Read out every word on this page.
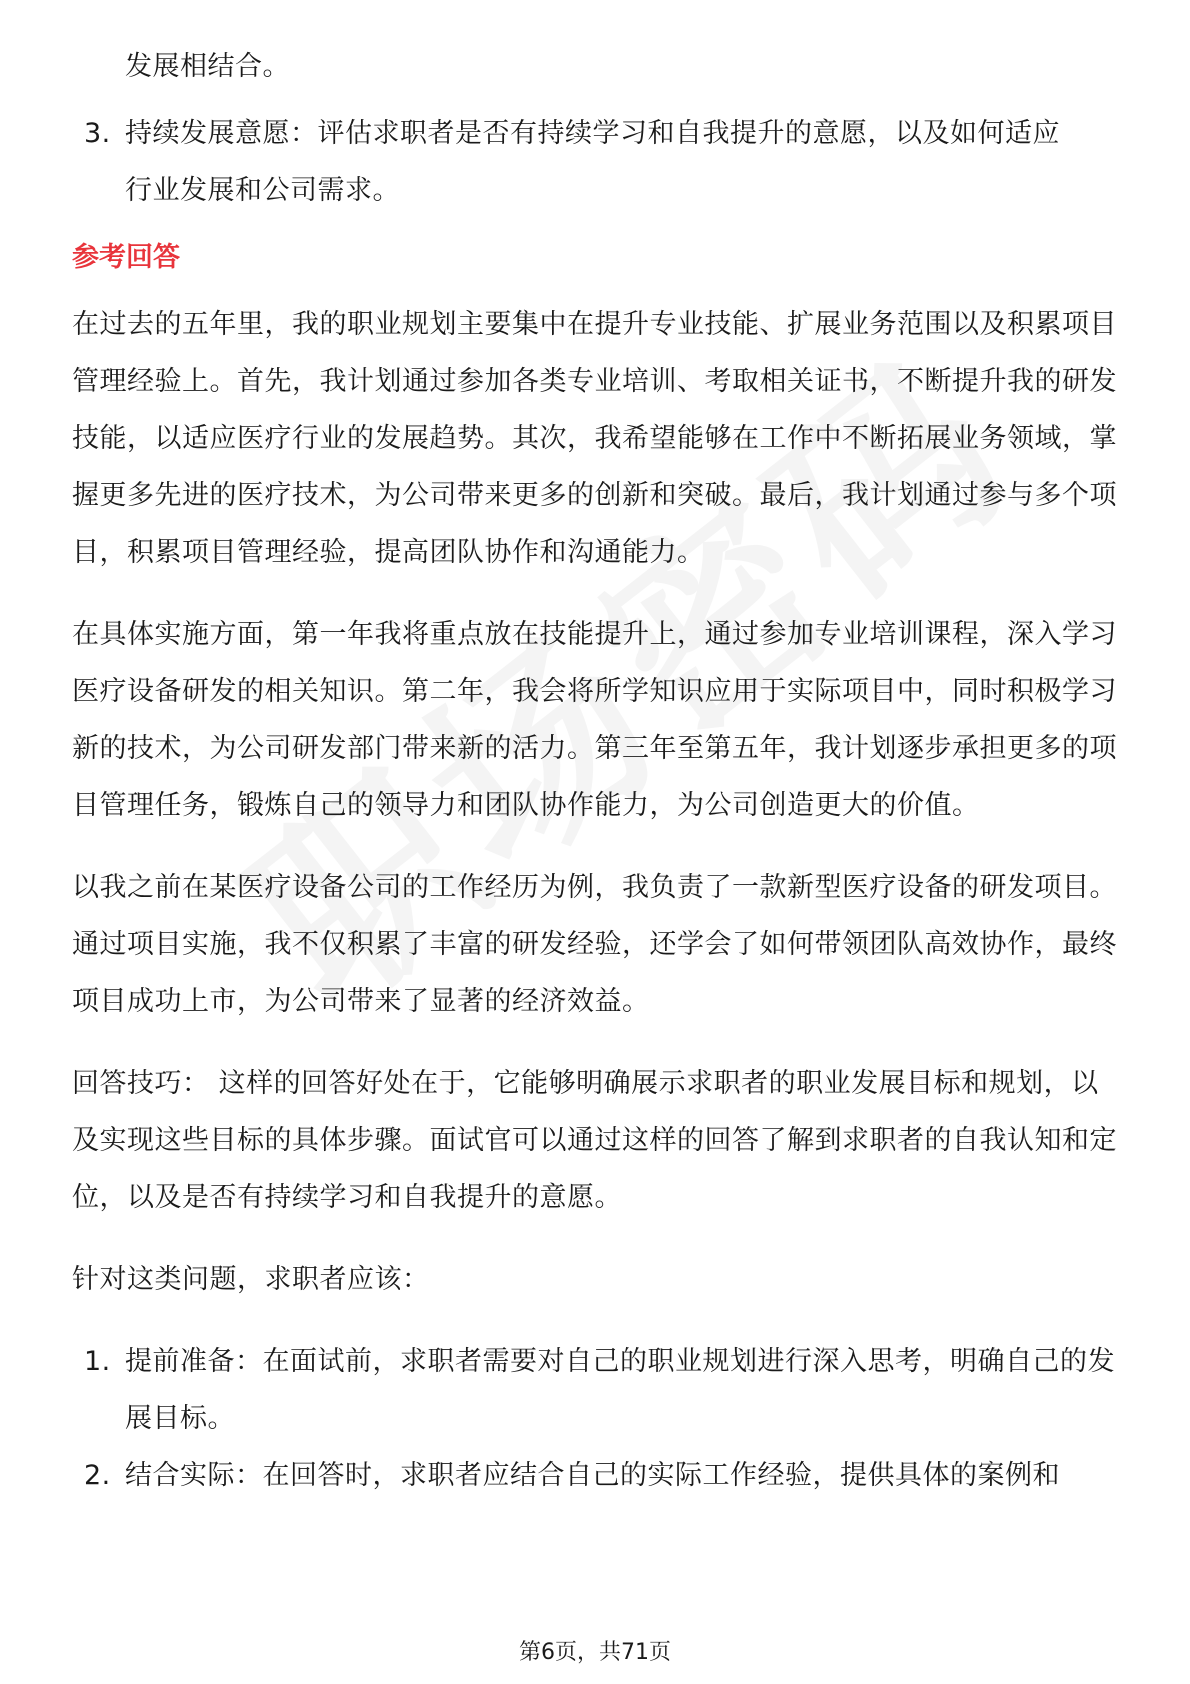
发展相结合。

3. 持续发展意愿：评估求职者是否有持续学习和自我提升的意愿，以及如何适应

行业发展和公司需求。

参考回答

在过去的五年里，我的职业规划主要集中在提升专业技能、扩展业务范围以及积累项目管理经验上。首先，我计划通过参加各类专业培训、考取相关证书，不断提升我的研发技能，以适应医疗行业的发展趋势。其次，我希望能够在工作中不断拓展业务领域，掌握更多先进的医疗技术，为公司带来更多的创新和突破。最后，我计划通过参与多个项目，积累项目管理经验，提高团队协作和沟通能力。

在具体实施方面，第一年我将重点放在技能提升上，通过参加专业培训课程，深入学习医疗设备研发的相关知识。第二年，我会将所学知识应用于实际项目中，同时积极学习新的技术，为公司研发部门带来新的活力。第三年至第五年，我计划逐步承担更多的项目管理任务，锻炼自己的领导力和团队协作能力，为公司创造更大的价值。

以我之前在某医疗设备公司的工作经历为例，我负责了一款新型医疗设备的研发项目。通过项目实施，我不仅积累了丰富的研发经验，还学会了如何带领团队高效协作，最终项目成功上市，为公司带来了显著的经济效益。

回答技巧： 这样的回答好处在于，它能够明确展示求职者的职业发展目标和规划，以及实现这些目标的具体步骤。面试官可以通过这样的回答了解到求职者的自我认知和定位，以及是否有持续学习和自我提升的意愿。

针对这类问题，求职者应该：

1. 提前准备：在面试前，求职者需要对自己的职业规划进行深入思考，明确自己的发展目标。

2. 结合实际：在回答时，求职者应结合自己的实际工作经验，提供具体的案例和

第6页，共71页
